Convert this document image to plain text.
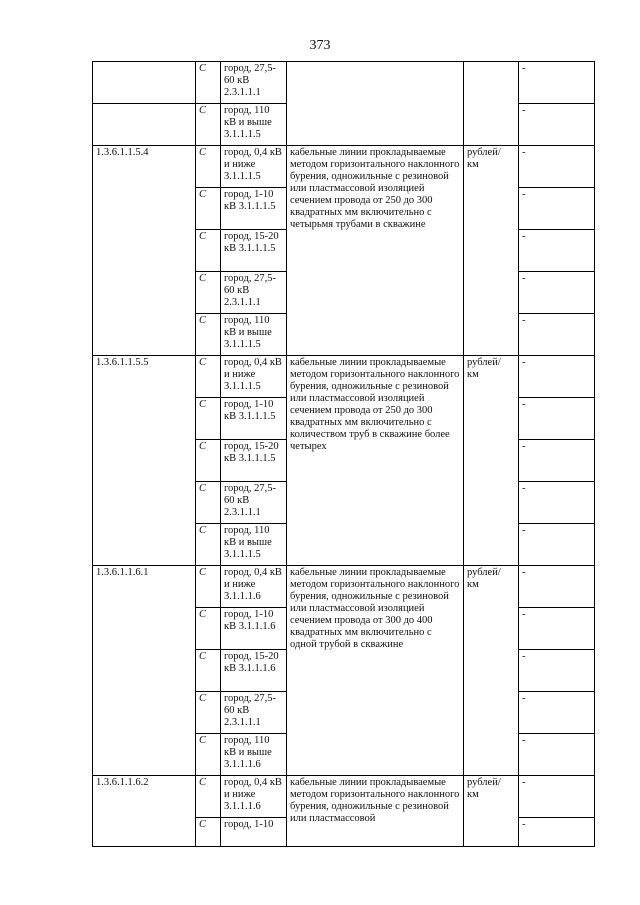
373
	С	город, 27,5-60 кВ 2.3.1.1.1			-
	С	город, 110 кВ и выше 3.1.1.1.5			-
1.3.6.1.1.5.4	С	город, 0,4 кВ и ниже 3.1.1.1.5	кабельные линии прокладываемые методом горизонтального наклонного бурения, одножильные с резиновой или пластмассовой изоляцией сечением провода от 250 до 300 квадратных мм включительно с четырьмя трубами в скважине	рублей/ км	-
	С	город, 1-10 кВ 3.1.1.1.5			-
	С	город, 15-20 кВ 3.1.1.1.5			-
	С	город, 27,5-60 кВ 2.3.1.1.1			-
	С	город, 110 кВ и выше 3.1.1.1.5			-
1.3.6.1.1.5.5	С	город, 0,4 кВ и ниже 3.1.1.1.5	кабельные линии прокладываемые методом горизонтального наклонного бурения, одножильные с резиновой или пластмассовой изоляцией сечением провода от 250 до 300 квадратных мм включительно с количеством труб в скважине более четырех	рублей/ км	-
	С	город, 1-10 кВ 3.1.1.1.5			-
	С	город, 15-20 кВ 3.1.1.1.5			-
	С	город, 27,5-60 кВ 2.3.1.1.1			-
	С	город, 110 кВ и выше 3.1.1.1.5			-
1.3.6.1.1.6.1	С	город, 0,4 кВ и ниже 3.1.1.1.6	кабельные линии прокладываемые методом горизонтального наклонного бурения, одножильные с резиновой или пластмассовой изоляцией сечением провода от 300 до 400 квадратных мм включительно с одной трубой в скважине	рублей/ км	-
	С	город, 1-10 кВ 3.1.1.1.6			-
	С	город, 15-20 кВ 3.1.1.1.6			-
	С	город, 27,5-60 кВ 2.3.1.1.1			-
	С	город, 110 кВ и выше 3.1.1.1.6			-
1.3.6.1.1.6.2	С	город, 0,4 кВ и ниже 3.1.1.1.6	кабельные линии прокладываемые методом горизонтального наклонного бурения, одножильные с резиновой или пластмассовой	рублей/ км	-
	С	город, 1-10			-
